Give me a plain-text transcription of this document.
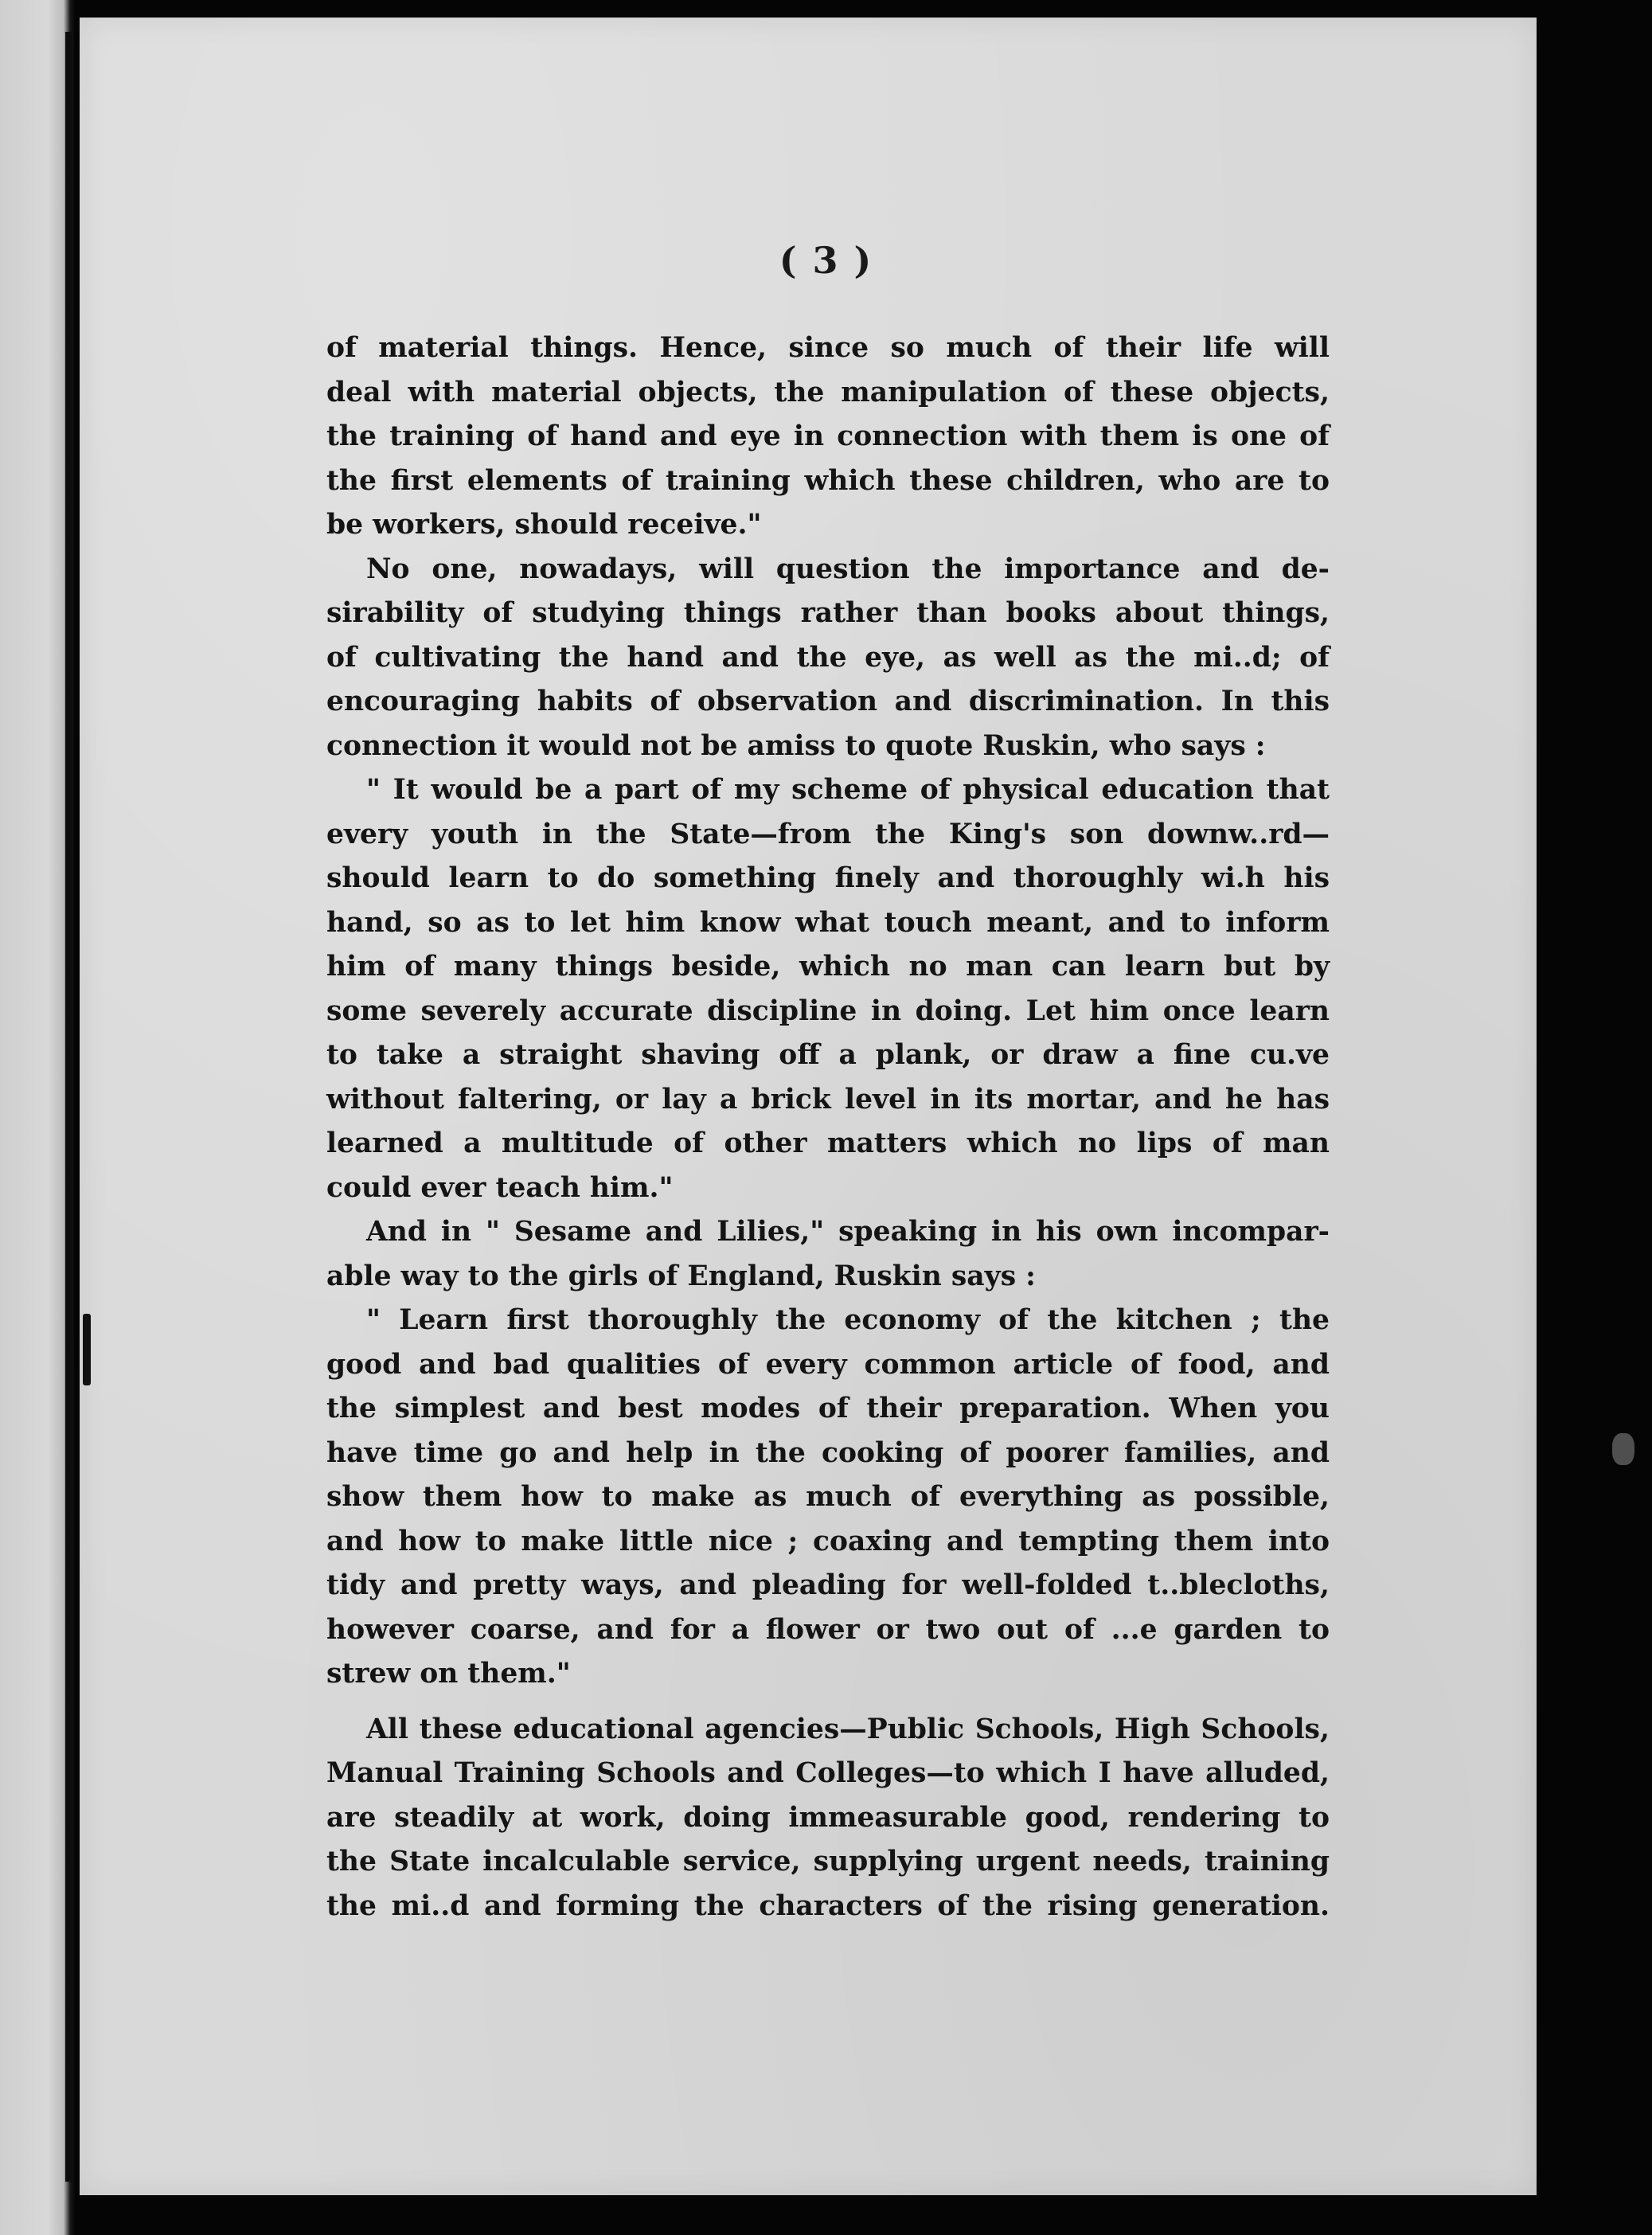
( 3 )
of material things. Hence, since so much of their life will
deal with material objects, the manipulation of these objects,
the training of hand and eye in connection with them is one of
the first elements of training which these children, who are to
be workers, should receive."
No one, nowadays, will question the importance and de-
sirability of studying things rather than books about things,
of cultivating the hand and the eye, as well as the mi..d; of
encouraging habits of observation and discrimination. In this
connection it would not be amiss to quote Ruskin, who says :
" It would be a part of my scheme of physical education that
every youth in the State—from the King's son downw..rd—
should learn to do something finely and thoroughly wi.h his
hand, so as to let him know what touch meant, and to inform
him of many things beside, which no man can learn but by
some severely accurate discipline in doing. Let him once learn
to take a straight shaving off a plank, or draw a fine cu.ve
without faltering, or lay a brick level in its mortar, and he has
learned a multitude of other matters which no lips of man
could ever teach him."
And in " Sesame and Lilies," speaking in his own incompar-
able way to the girls of England, Ruskin says :
" Learn first thoroughly the economy of the kitchen ; the
good and bad qualities of every common article of food, and
the simplest and best modes of their preparation. When you
have time go and help in the cooking of poorer families, and
show them how to make as much of everything as possible,
and how to make little nice ; coaxing and tempting them into
tidy and pretty ways, and pleading for well-folded t..blecloths,
however coarse, and for a flower or two out of ...e garden to
strew on them."
All these educational agencies—Public Schools, High Schools,
Manual Training Schools and Colleges—to which I have alluded,
are steadily at work, doing immeasurable good, rendering to
the State incalculable service, supplying urgent needs, training
the mi..d and forming the characters of the rising generation.
